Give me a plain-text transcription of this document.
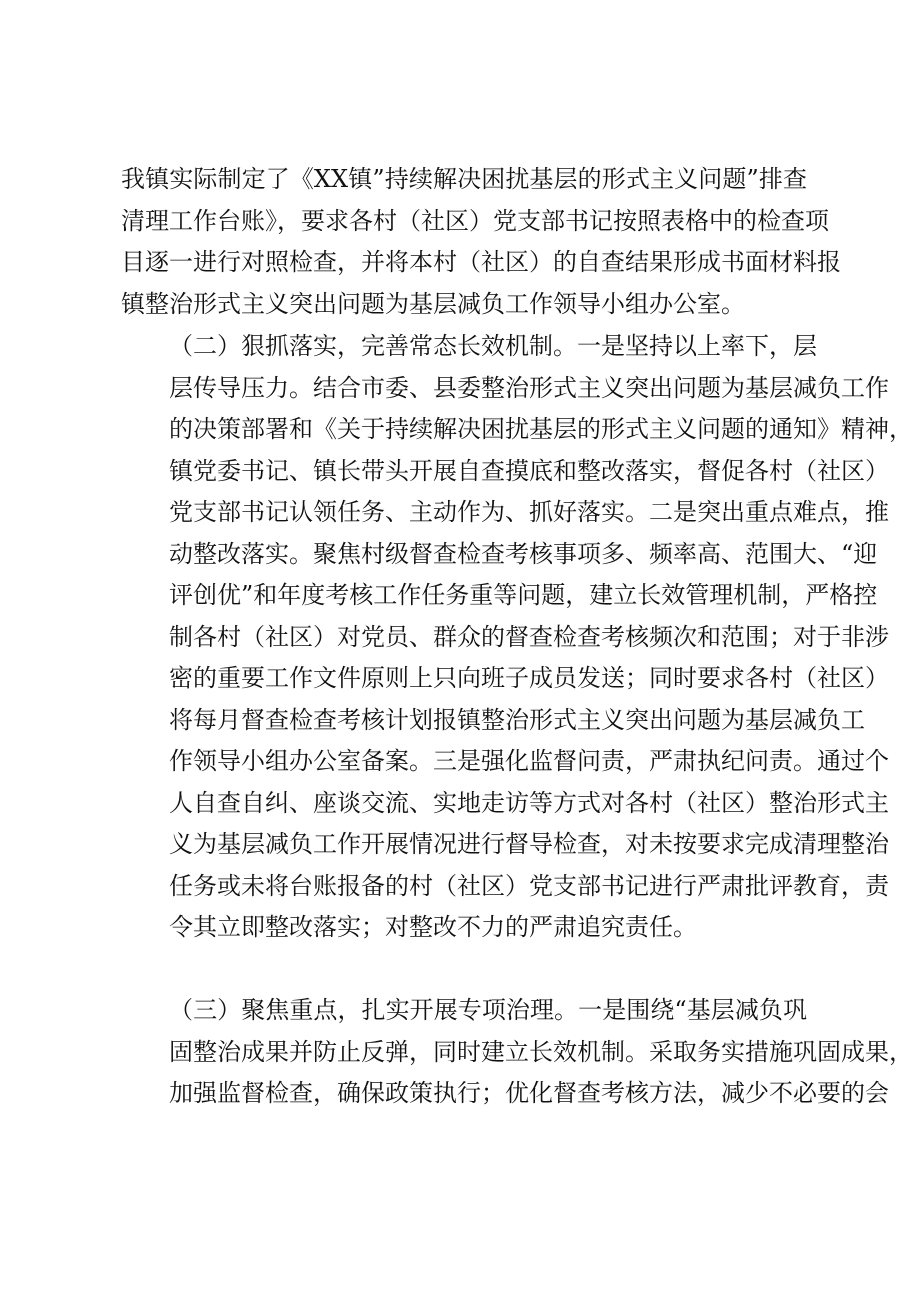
我镇实际制定了《XX镇”持续解决困扰基层的形式主义问题”排查
清理工作台账》，要求各村（社区）党支部书记按照表格中的检查项
目逐一进行对照检查，并将本村（社区）的自查结果形成书面材料报
镇整治形式主义突出问题为基层减负工作领导小组办公室。
（二）狠抓落实，完善常态长效机制。一是坚持以上率下，层
层传导压力。结合市委、县委整治形式主义突出问题为基层减负工作
的决策部署和《关于持续解决困扰基层的形式主义问题的通知》精神，
镇党委书记、镇长带头开展自查摸底和整改落实，督促各村（社区）
党支部书记认领任务、主动作为、抓好落实。二是突出重点难点，推
动整改落实。聚焦村级督查检查考核事项多、频率高、范围大、“迎
评创优”和年度考核工作任务重等问题，建立长效管理机制，严格控
制各村（社区）对党员、群众的督查检查考核频次和范围；对于非涉
密的重要工作文件原则上只向班子成员发送；同时要求各村（社区）
将每月督查检查考核计划报镇整治形式主义突出问题为基层减负工
作领导小组办公室备案。三是强化监督问责，严肃执纪问责。通过个
人自查自纠、座谈交流、实地走访等方式对各村（社区）整治形式主
义为基层减负工作开展情况进行督导检查，对未按要求完成清理整治
任务或未将台账报备的村（社区）党支部书记进行严肃批评教育，责
令其立即整改落实；对整改不力的严肃追究责任。
（三）聚焦重点，扎实开展专项治理。一是围绕“基层减负巩
固整治成果并防止反弹，同时建立长效机制。采取务实措施巩固成果，
加强监督检查，确保政策执行；优化督查考核方法，减少不必要的会
